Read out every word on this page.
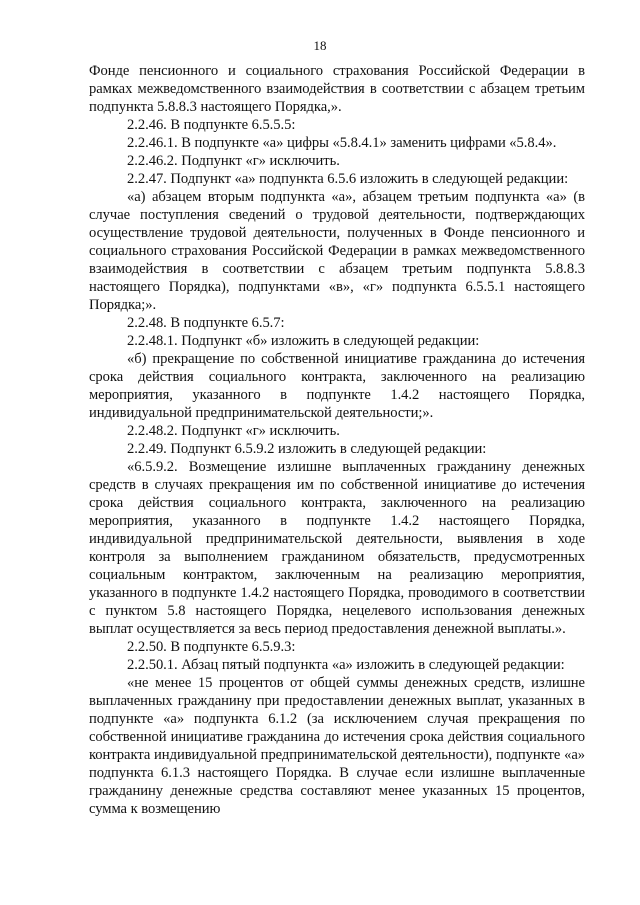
18

Фонде пенсионного и социального страхования Российской Федерации в рамках межведомственного взаимодействия в соответствии с абзацем третьим подпункта 5.8.8.3 настоящего Порядка,».

2.2.46. В подпункте 6.5.5.5:

2.2.46.1. В подпункте «а» цифры «5.8.4.1» заменить цифрами «5.8.4».

2.2.46.2. Подпункт «г» исключить.

2.2.47. Подпункт «а» подпункта 6.5.6 изложить в следующей редакции:

«а) абзацем вторым подпункта «а», абзацем третьим подпункта «а» (в случае поступления сведений о трудовой деятельности, подтверждающих осуществление трудовой деятельности, полученных в Фонде пенсионного и социального страхования Российской Федерации в рамках межведомственного взаимодействия в соответствии с абзацем третьим подпункта 5.8.8.3 настоящего Порядка), подпунктами «в», «г» подпункта 6.5.5.1 настоящего Порядка;».

2.2.48. В подпункте 6.5.7:

2.2.48.1. Подпункт «б» изложить в следующей редакции:

«б) прекращение по собственной инициативе гражданина до истечения срока действия социального контракта, заключенного на реализацию мероприятия, указанного в подпункте 1.4.2 настоящего Порядка, индивидуальной предпринимательской деятельности;».

2.2.48.2. Подпункт «г» исключить.

2.2.49. Подпункт 6.5.9.2 изложить в следующей редакции:

«6.5.9.2. Возмещение излишне выплаченных гражданину денежных средств в случаях прекращения им по собственной инициативе до истечения срока действия социального контракта, заключенного на реализацию мероприятия, указанного в подпункте 1.4.2 настоящего Порядка, индивидуальной предпринимательской деятельности, выявления в ходе контроля за выполнением гражданином обязательств, предусмотренных социальным контрактом, заключенным на реализацию мероприятия, указанного в подпункте 1.4.2 настоящего Порядка, проводимого в соответствии с пунктом 5.8 настоящего Порядка, нецелевого использования денежных выплат осуществляется за весь период предоставления денежной выплаты.».

2.2.50. В подпункте 6.5.9.3:

2.2.50.1. Абзац пятый подпункта «а» изложить в следующей редакции:

«не менее 15 процентов от общей суммы денежных средств, излишне выплаченных гражданину при предоставлении денежных выплат, указанных в подпункте «а» подпункта 6.1.2 (за исключением случая прекращения по собственной инициативе гражданина до истечения срока действия социального контракта индивидуальной предпринимательской деятельности), подпункте «а» подпункта 6.1.3 настоящего Порядка. В случае если излишне выплаченные гражданину денежные средства составляют менее указанных 15 процентов, сумма к возмещению
